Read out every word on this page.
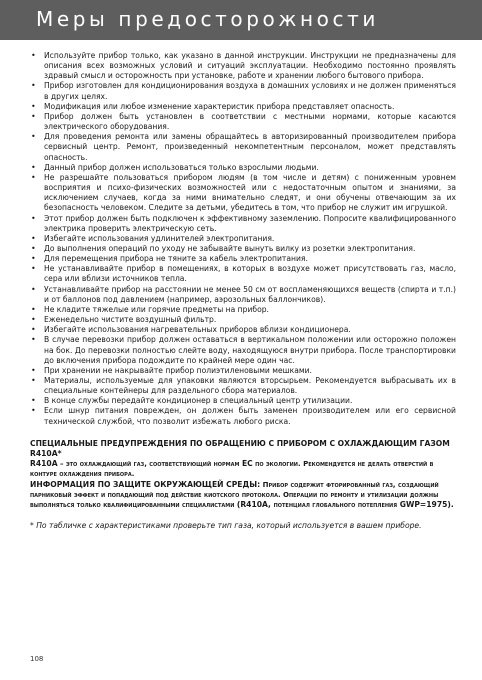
Меры предосторожности
• Используйте прибор только, как указано в данной инструкции. Инструкции не предназначены для описания всех возможных условий и ситуаций эксплуатации. Необходимо постоянно проявлять здравый смысл и осторожность при установке, работе и хранении любого бытового прибора.
• Прибор изготовлен для кондиционирования воздуха в домашних условиях и не должен применяться в других целях.
• Модификация или любое изменение характеристик прибора представляет опасность.
• Прибор должен быть установлен в соответствии с местными нормами, которые касаются электрического оборудования.
• Для проведения ремонта или замены обращайтесь в авторизированный производителем прибора сервисный центр. Ремонт, произведенный некомпетентным персоналом, может представлять опасность.
• Данный прибор должен использоваться только взрослыми людьми.
• Не разрешайте пользоваться прибором людям (в том числе и детям) с пониженным уровнем восприятия и психо-физических возможностей или с недостаточным опытом и знаниями, за исключением случаев, когда за ними внимательно следят, и они обучены отвечающим за их безопасность человеком. Следите за детьми, убедитесь в том, что прибор не служит им игрушкой.
• Этот прибор должен быть подключен к эффективному заземлению. Попросите квалифицированного электрика проверить электрическую сеть.
• Избегайте использования удлинителей электропитания.
• До выполнения операций по уходу не забывайте вынуть вилку из розетки электропитания.
• Для перемещения прибора не тяните за кабель электропитания.
• Не устанавливайте прибор в помещениях, в которых в воздухе может присутствовать газ, масло, сера или вблизи источников тепла.
• Устанавливайте прибор на расстоянии не менее 50 см от воспламеняющихся веществ (спирта и т.п.) и от баллонов под давлением (например, аэрозольных баллончиков).
• Не кладите тяжелые или горячие предметы на прибор.
• Еженедельно чистите воздушный фильтр.
• Избегайте использования нагревательных приборов вблизи кондиционера.
• В случае перевозки прибор должен оставаться в вертикальном положении или осторожно положен на бок. До перевозки полностью слейте воду, находящуюся внутри прибора. После транспортировки до включения прибора подождите по крайней мере один час.
• При хранении не накрывайте прибор полиэтиленовыми мешками.
• Материалы, используемые для упаковки являются вторсырьем. Рекомендуется выбрасывать их в специальные контейнеры для раздельного сбора материалов.
• В конце службы передайте кондиционер в специальный центр утилизации.
• Если шнур питания поврежден, он должен быть заменен производителем или его сервисной технической службой, что позволит избежать любого риска.

СПЕЦИАЛЬНЫЕ ПРЕДУПРЕЖДЕНИЯ ПО ОБРАЩЕНИЮ С ПРИБОРОМ С ОХЛАЖДАЮЩИМ ГАЗОМ R410A*

R410A – это охлаждающий газ, соответствующий нормам ЕС по экологии. Рекомендуется не делать отверстий в контуре охлаждения прибора.

ИНФОРМАЦИЯ ПО ЗАЩИТЕ ОКРУЖАЮЩЕЙ СРЕДЫ: Прибор содержит фторированный газ, создающий парниковый эффект и попадающий под действие киотского протокола. Операции по ремонту и утилизации должны выполняться только квалифицированными специалистами (R410A, потенциал глобального потепления GWP=1975).

* По табличке с характеристиками проверьте тип газа, который используется в вашем приборе.

108
